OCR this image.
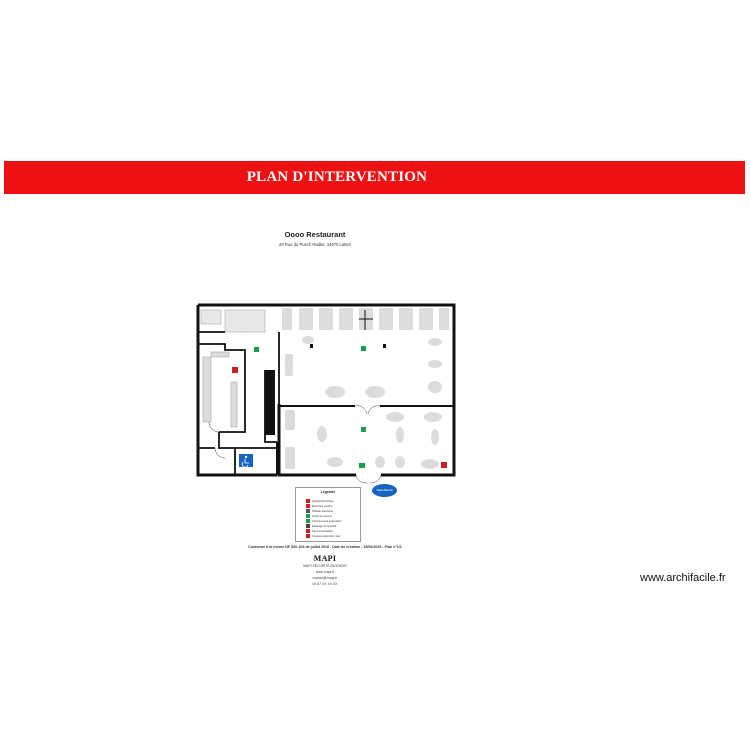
PLAN D'INTERVENTION
Oooo Restaurant
29 Rue du Pusch Radler, 34970 Lattes
Vous êtes ici
Légende
Appareil électrique
Extincteur poudre
Tableau électrique
Sortie de secours
Cheminement évacuation
Eclairage de sécurité
Sens d'évacuation
Coupure électricité / Gaz
Conforme à la norme NF S60-303 de juillet 2018 - Date de création : 15/06/2025 - Plan n°1/1
MAPI
MAPI SÉCURITÉ INCENDIE
www.mapi.fr
contact@mapi.fr
04 67 XX XX XX	www.archifacile.fr
